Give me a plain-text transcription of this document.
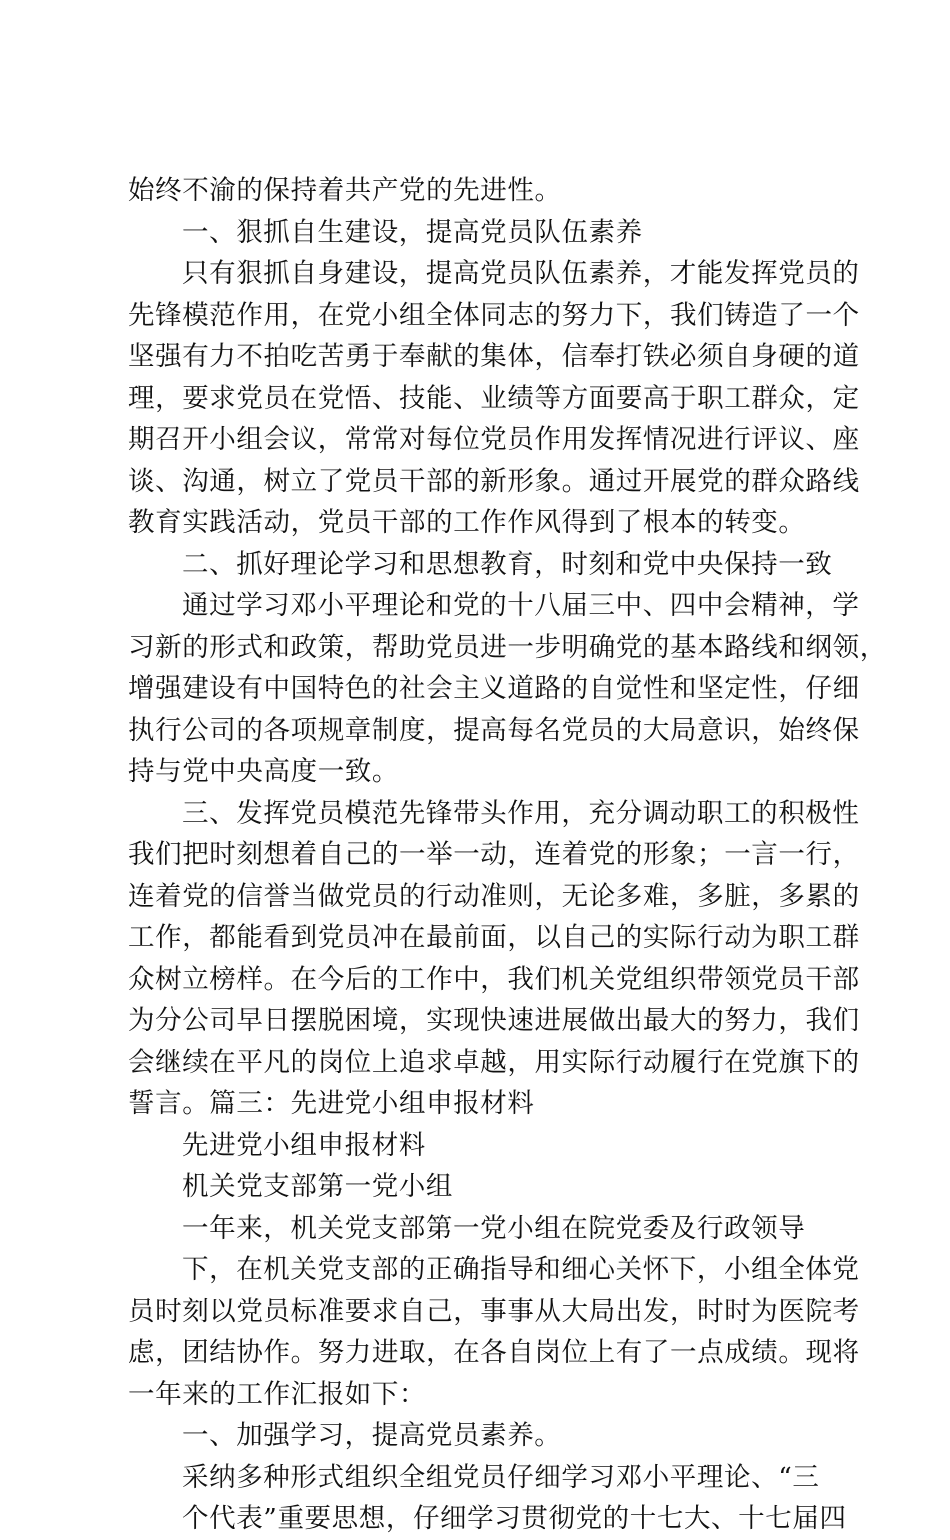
始终不渝的保持着共产党的先进性。
一、狠抓自生建设，提高党员队伍素养
只有狠抓自身建设，提高党员队伍素养，才能发挥党员的
先锋模范作用，在党小组全体同志的努力下，我们铸造了一个
坚强有力不拍吃苦勇于奉献的集体，信奉打铁必须自身硬的道
理，要求党员在党悟、技能、业绩等方面要高于职工群众，定
期召开小组会议，常常对每位党员作用发挥情况进行评议、座
谈、沟通，树立了党员干部的新形象。通过开展党的群众路线
教育实践活动，党员干部的工作作风得到了根本的转变。
二、抓好理论学习和思想教育，时刻和党中央保持一致
通过学习邓小平理论和党的十八届三中、四中会精神，学
习新的形式和政策，帮助党员进一步明确党的基本路线和纲领，
增强建设有中国特色的社会主义道路的自觉性和坚定性，仔细
执行公司的各项规章制度，提高每名党员的大局意识，始终保
持与党中央高度一致。
三、发挥党员模范先锋带头作用，充分调动职工的积极性
我们把时刻想着自己的一举一动，连着党的形象；一言一行，
连着党的信誉当做党员的行动准则，无论多难，多脏，多累的
工作，都能看到党员冲在最前面，以自己的实际行动为职工群
众树立榜样。在今后的工作中，我们机关党组织带领党员干部
为分公司早日摆脱困境，实现快速进展做出最大的努力，我们
会继续在平凡的岗位上追求卓越，用实际行动履行在党旗下的
誓言。篇三：先进党小组申报材料
先进党小组申报材料
机关党支部第一党小组
一年来，机关党支部第一党小组在院党委及行政领导
下，在机关党支部的正确指导和细心关怀下，小组全体党
员时刻以党员标准要求自己，事事从大局出发，时时为医院考
虑，团结协作。努力进取，在各自岗位上有了一点成绩。现将
一年来的工作汇报如下：
一、加强学习，提高党员素养。
采纳多种形式组织全组党员仔细学习邓小平理论、“三
个代表”重要思想，仔细学习贯彻党的十七大、十七届四
